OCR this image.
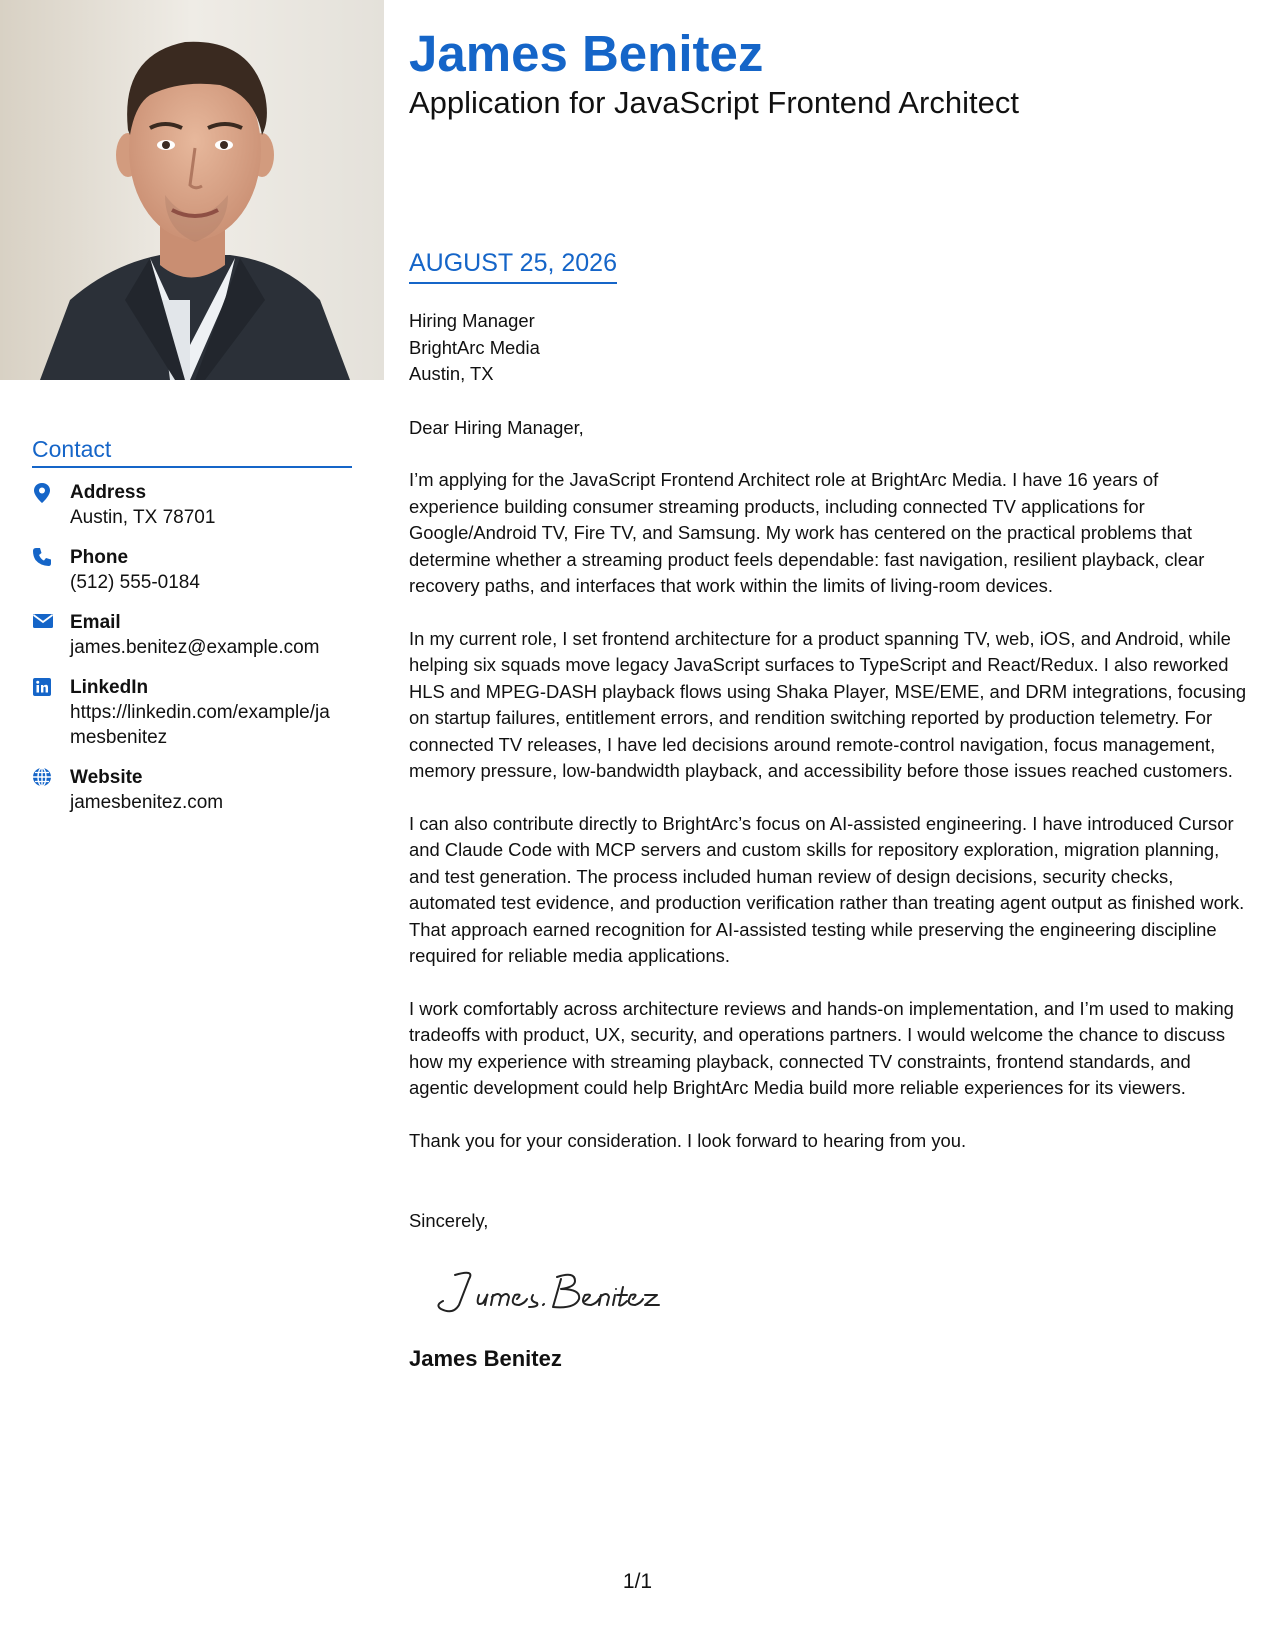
James Benitez
Application for JavaScript Frontend Architect
Contact
Address
Austin, TX 78701
Phone
(512) 555-0184
Email
james.benitez@example.com
LinkedIn
https://linkedin.com/example/jamesbenitez
Website
jamesbenitez.com
AUGUST 25, 2026
Hiring Manager
BrightArc Media
Austin, TX
Dear Hiring Manager,
I’m applying for the JavaScript Frontend Architect role at BrightArc Media. I have 16 years of experience building consumer streaming products, including connected TV applications for Google/Android TV, Fire TV, and Samsung. My work has centered on the practical problems that determine whether a streaming product feels dependable: fast navigation, resilient playback, clear recovery paths, and interfaces that work within the limits of living-room devices.
In my current role, I set frontend architecture for a product spanning TV, web, iOS, and Android, while helping six squads move legacy JavaScript surfaces to TypeScript and React/Redux. I also reworked HLS and MPEG-DASH playback flows using Shaka Player, MSE/EME, and DRM integrations, focusing on startup failures, entitlement errors, and rendition switching reported by production telemetry. For connected TV releases, I have led decisions around remote-control navigation, focus management, memory pressure, low-bandwidth playback, and accessibility before those issues reached customers.
I can also contribute directly to BrightArc’s focus on AI-assisted engineering. I have introduced Cursor and Claude Code with MCP servers and custom skills for repository exploration, migration planning, and test generation. The process included human review of design decisions, security checks, automated test evidence, and production verification rather than treating agent output as finished work. That approach earned recognition for AI-assisted testing while preserving the engineering discipline required for reliable media applications.
I work comfortably across architecture reviews and hands-on implementation, and I’m used to making tradeoffs with product, UX, security, and operations partners. I would welcome the chance to discuss how my experience with streaming playback, connected TV constraints, frontend standards, and agentic development could help BrightArc Media build more reliable experiences for its viewers.
Thank you for your consideration. I look forward to hearing from you.
Sincerely,
James Benitez
1/1
